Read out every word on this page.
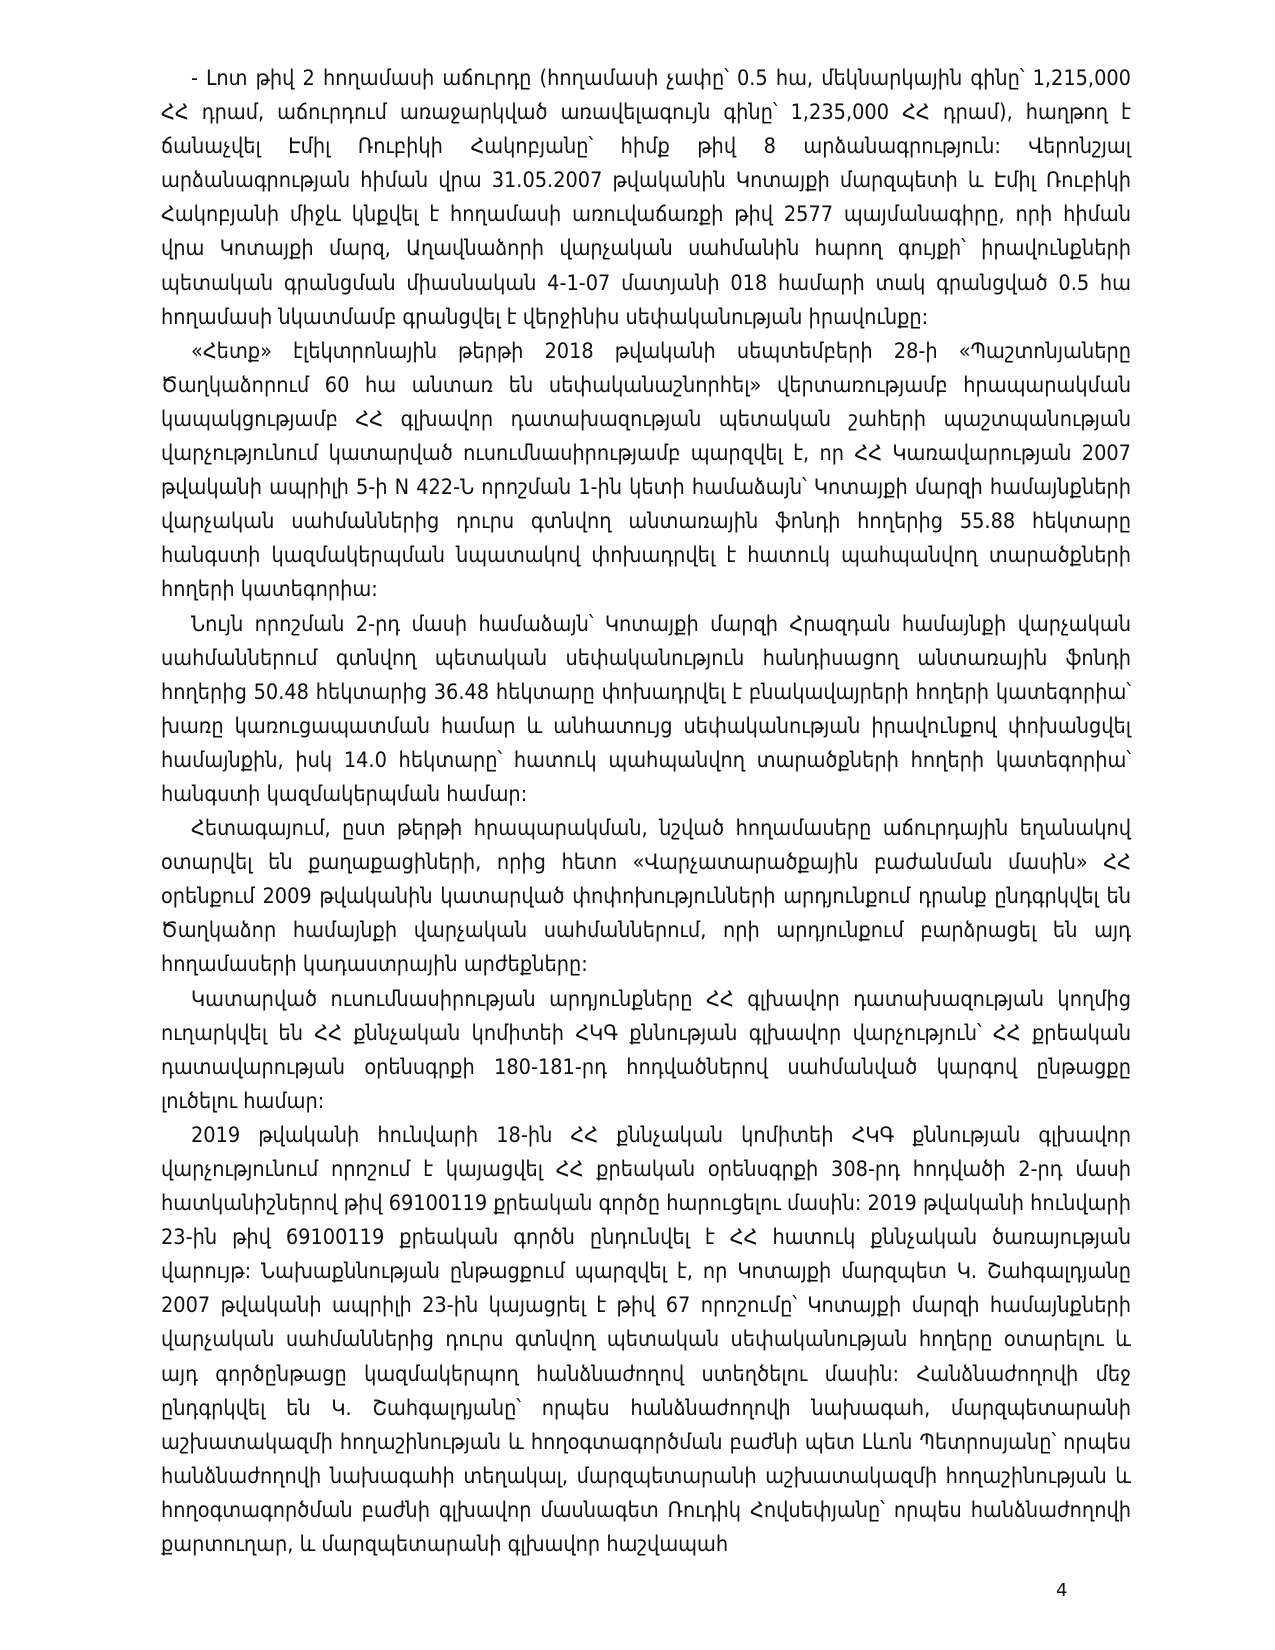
- Լոտ թիվ 2 հողամասի աճուրդը (հողամասի չափը՝ 0.5 հա, մեկնարկային գինը՝ 1,215,000 ՀՀ դրամ, աճուրդում առաջարկված առավելագույն գինը՝ 1,235,000 ՀՀ դրամ), հաղթող է ճանաչվել Էմիլ Ռուբիկի Հակոբյանը՝ հիմք թիվ 8 արձանագրություն: Վերոնշյալ արձանագրության հիման վրա 31.05.2007 թվականին Կոտայքի մարզպետի և Էմիլ Ռուբիկի Հակոբյանի միջև կնքվել է հողամասի առուվաճառքի թիվ 2577 պայմանագիրը, որի հիման վրա Կոտայքի մարզ, Աղավնաձորի վարչական սահմանին հարող գույքի՝ իրավունքների պետական գրանցման միասնական 4-1-07 մատյանի 018 համարի տակ գրանցված 0.5 հա հողամասի նկատմամբ գրանցվել է վերջինիս սեփականության իրավունքը:

«Հետք» էլեկտրոնային թերթի 2018 թվականի սեպտեմբերի 28-ի «Պաշտոնյաները Ծաղկաձորում 60 հա անտառ են սեփականաշնորհել» վերտառությամբ հրապարակման կապակցությամբ ՀՀ գլխավոր դատախազության պետական շահերի պաշտպանության վարչությունում կատարված ուսումնասիրությամբ պարզվել է, որ ՀՀ Կառավարության 2007 թվականի ապրիլի 5-ի N 422-Ն որոշման 1-ին կետի համաձայն՝ Կոտայքի մարզի համայնքների վարչական սահմաններից դուրս գտնվող անտառային ֆոնդի հողերից 55.88 հեկտարը հանգստի կազմակերպման նպատակով փոխադրվել է հատուկ պահպանվող տարածքների հողերի կատեգորիա:

Նույն որոշման 2-րդ մասի համաձայն՝ Կոտայքի մարզի Հրազդան համայնքի վարչական սահմաններում գտնվող պետական սեփականություն հանդիսացող անտառային ֆոնդի հողերից 50.48 հեկտարից 36.48 հեկտարը փոխադրվել է բնակավայրերի հողերի կատեգորիա՝ խառը կառուցապատման համար և անհատույց սեփականության իրավունքով փոխանցվել համայնքին, իսկ 14.0 հեկտարը՝ հատուկ պահպանվող տարածքների հողերի կատեգորիա՝ հանգստի կազմակերպման համար:

Հետագայում, ըստ թերթի հրապարակման, նշված հողամասերը աճուրդային եղանակով օտարվել են քաղաքացիների, որից հետո «Վարչատարածքային բաժանման մասին» ՀՀ օրենքում 2009 թվականին կատարված փոփոխությունների արդյունքում դրանք ընդգրկվել են Ծաղկաձոր համայնքի վարչական սահմաններում, որի արդյունքում բարձրացել են այդ հողամասերի կադաստրային արժեքները:

Կատարված ուսումնասիրության արդյունքները ՀՀ գլխավոր դատախազության կողմից ուղարկվել են ՀՀ քննչական կոմիտեի ՀԿԳ քննության գլխավոր վարչություն՝ ՀՀ քրեական դատավարության օրենսգրքի 180-181-րդ հոդվածներով սահմանված կարգով ընթացքը լուծելու համար:

2019 թվականի հունվարի 18-ին ՀՀ քննչական կոմիտեի ՀԿԳ քննության գլխավոր վարչությունում որոշում է կայացվել ՀՀ քրեական օրենսգրքի 308-րդ հոդվածի 2-րդ մասի հատկանիշներով թիվ 69100119 քրեական գործը հարուցելու մասին: 2019 թվականի հունվարի 23-ին թիվ 69100119 քրեական գործն ընդունվել է ՀՀ հատուկ քննչական ծառայության վարույթ: Նախաքննության ընթացքում պարզվել է, որ Կոտայքի մարզպետ Կ. Շահգալդյանը 2007 թվականի ապրիլի 23-ին կայացրել է թիվ 67 որոշումը՝ Կոտայքի մարզի համայնքների վարչական սահմաններից դուրս գտնվող պետական սեփականության հողերը օտարելու և այդ գործընթացը կազմակերպող հանձնաժողով ստեղծելու մասին: Հանձնաժողովի մեջ ընդգրկվել են Կ. Շահգալդյանը՝ որպես հանձնաժողովի նախագահ, մարզպետարանի աշխատակազմի հողաշինության և հողօգտագործման բաժնի պետ Լևոն Պետրոսյանը՝ որպես հանձնաժողովի նախագահի տեղակալ, մարզպետարանի աշխատակազմի հողաշինության և հողօգտագործման բաժնի գլխավոր մասնագետ Ռուդիկ Հովսեփյանը՝ որպես հանձնաժողովի քարտուղար, և մարզպետարանի գլխավոր հաշվապահ

4
